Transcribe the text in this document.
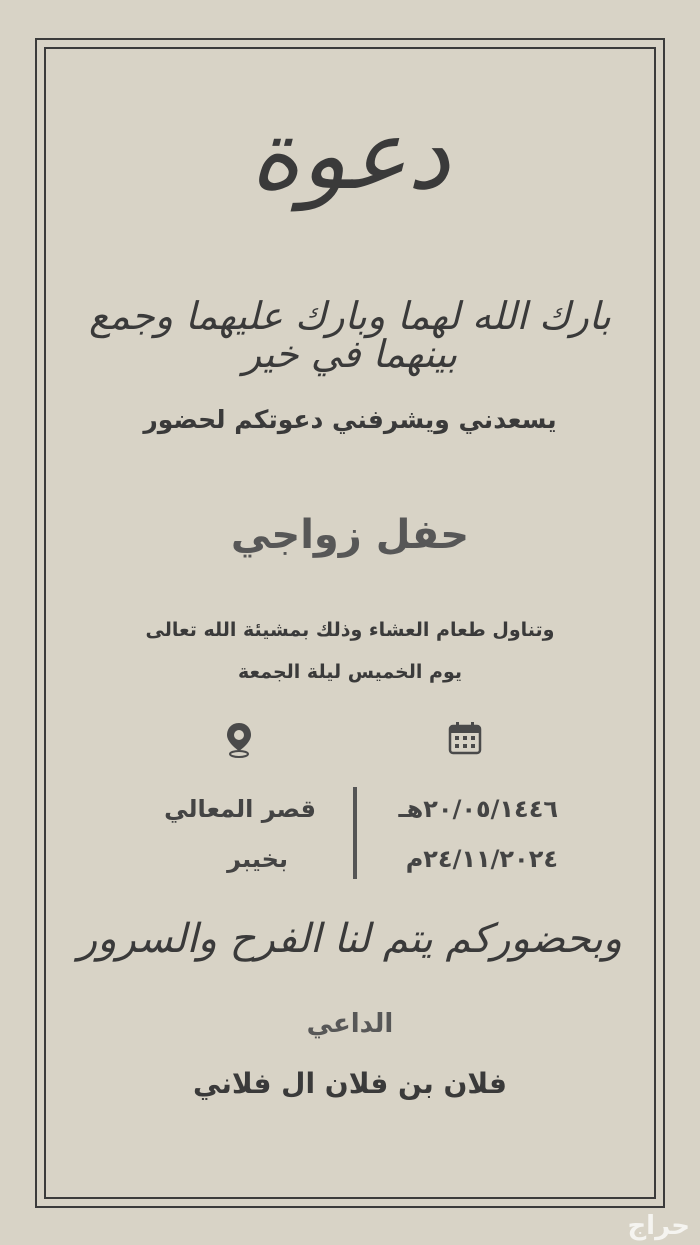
دعوة
بارك الله لهما وبارك عليهما وجمع بينهما في خير
يسعدني ويشرفني دعوتكم لحضور
حفل زواجي
وتناول طعام العشاء وذلك بمشيئة الله تعالى
يوم الخميس ليلة الجمعة
قصر المعالي
بخيبر
٢٠/٠٥/١٤٤٦هـ
٢٤/١١/٢٠٢٤م
وبحضوركم يتم لنا الفرح والسرور
الداعي
فلان بن فلان ال فلاني
حراج
